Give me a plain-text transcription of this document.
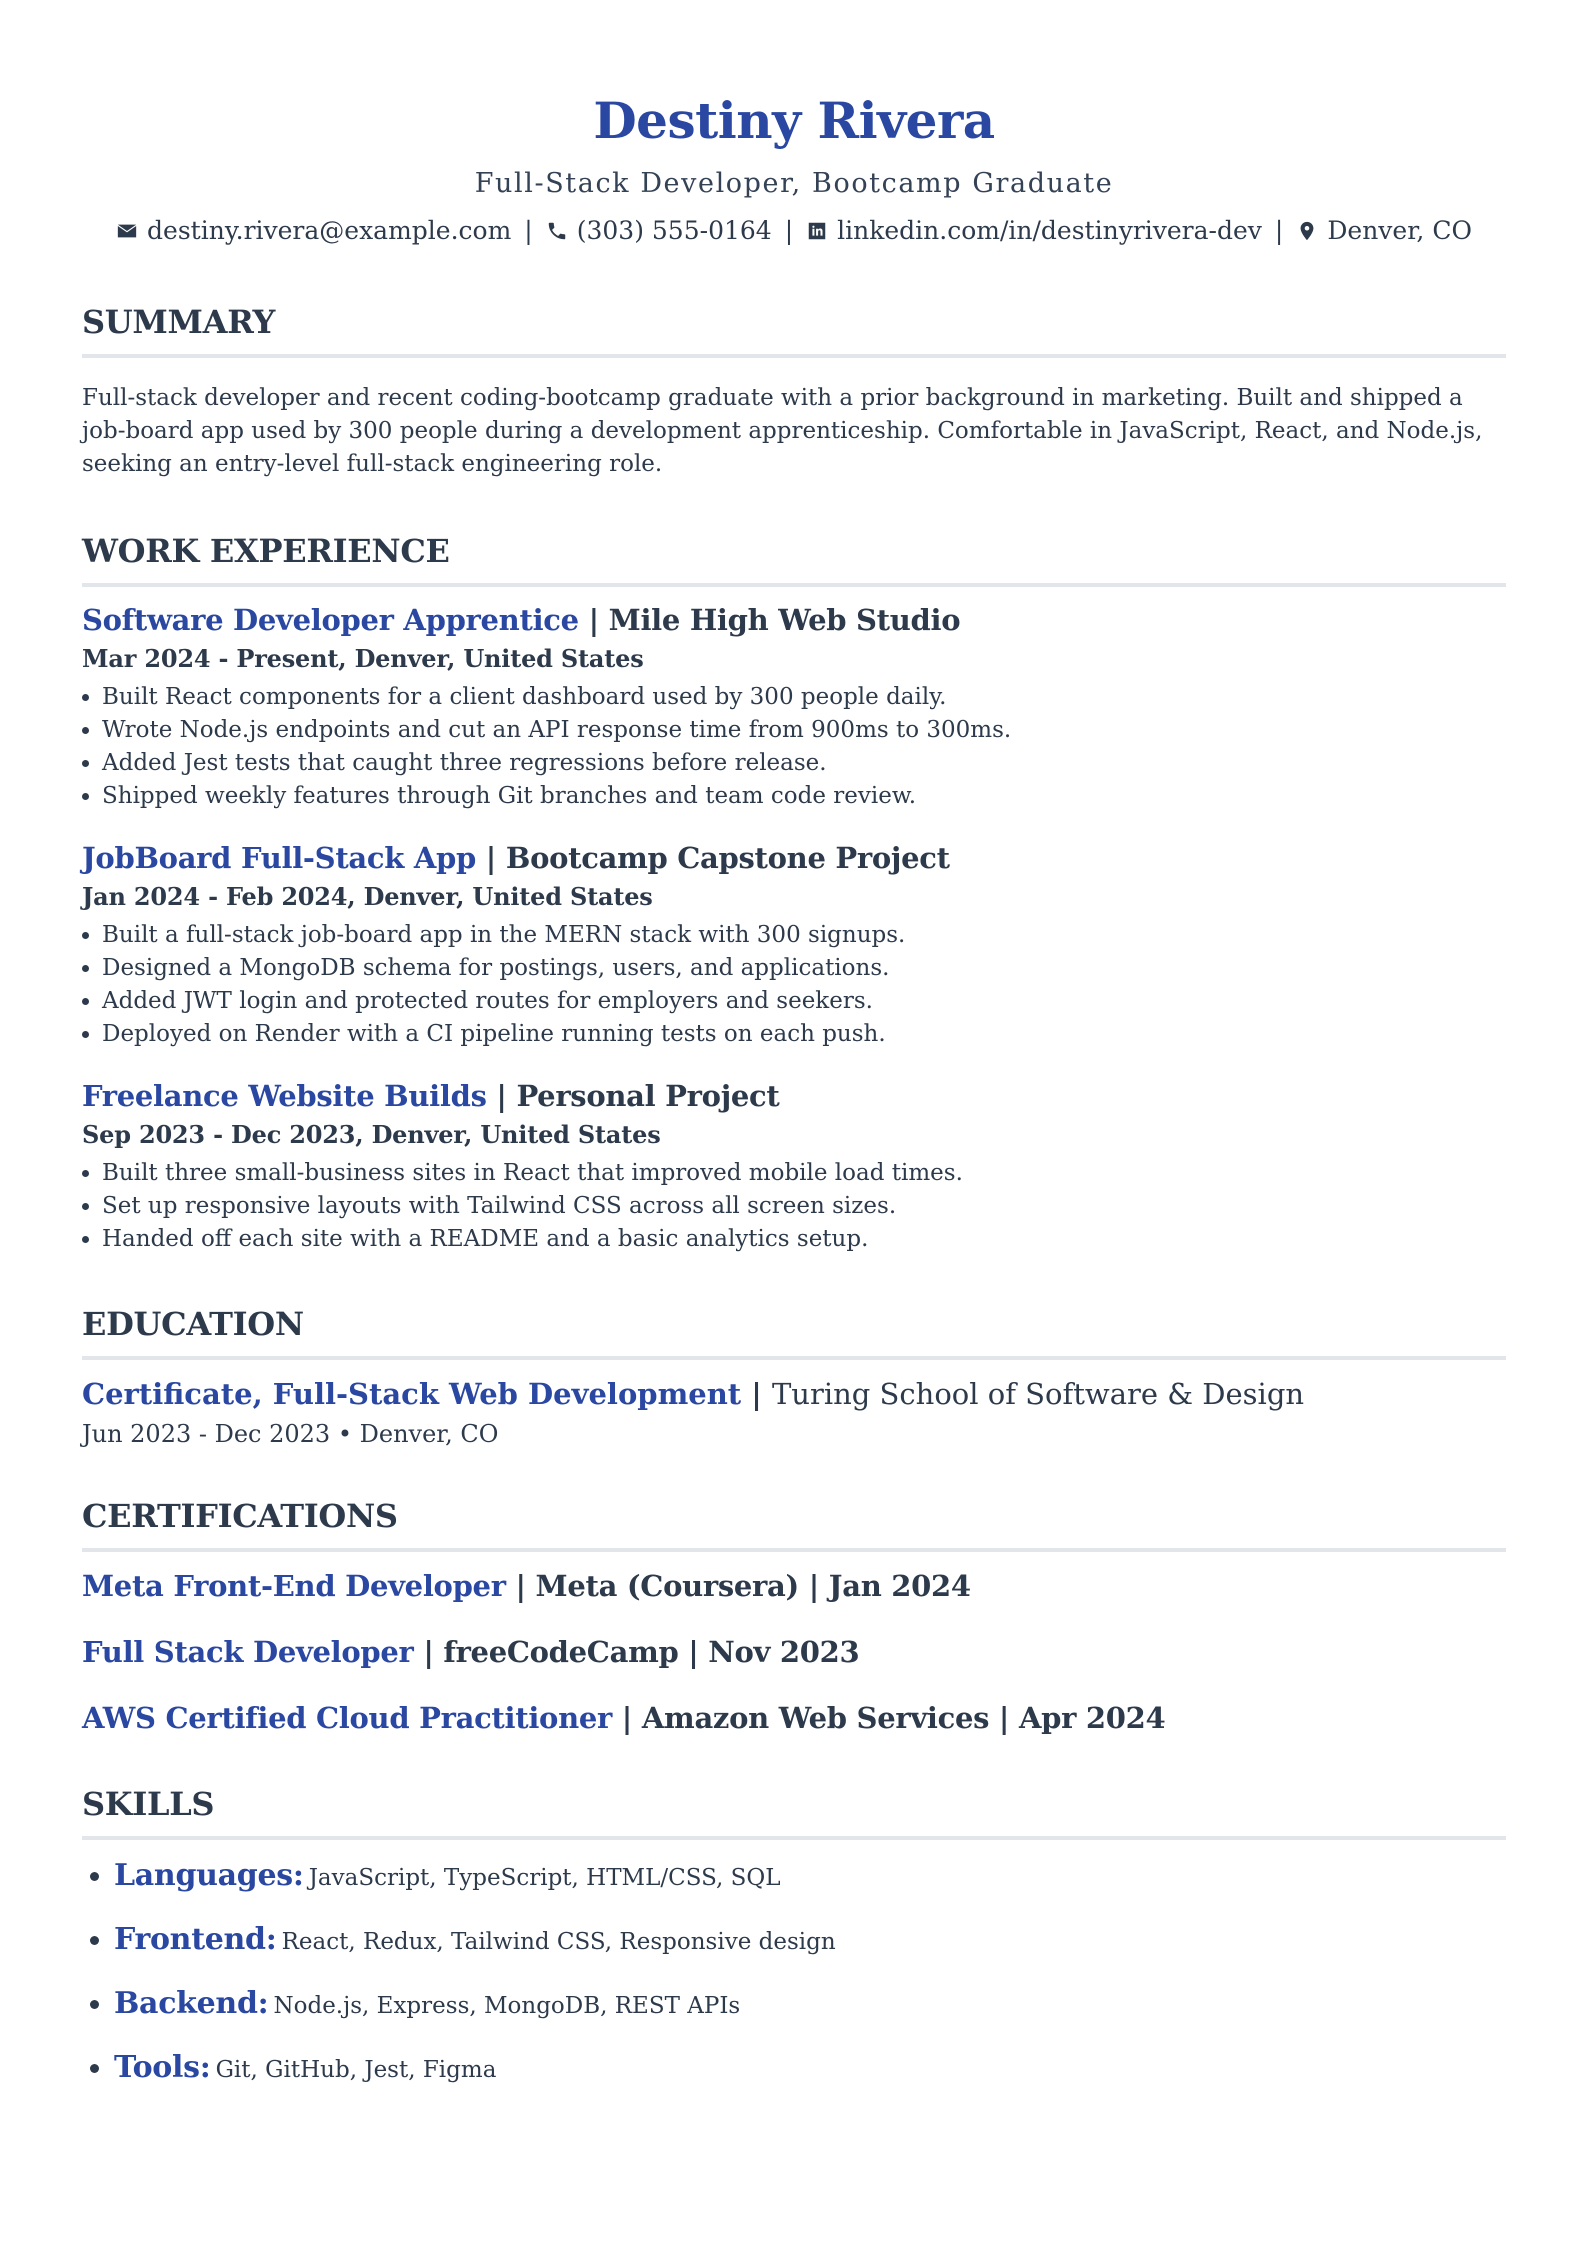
Destiny Rivera
Full-Stack Developer, Bootcamp Graduate
destiny.rivera@example.com | (303) 555-0164 | linkedin.com/in/destinyrivera-dev | Denver, CO
SUMMARY

Full-stack developer and recent coding-bootcamp graduate with a prior background in marketing. Built and shipped a job-board app used by 300 people during a development apprenticeship. Comfortable in JavaScript, React, and Node.js, seeking an entry-level full-stack engineering role.

WORK EXPERIENCE
Software Developer Apprentice | Mile High Web Studio
Mar 2024 - Present, Denver, United States
• Built React components for a client dashboard used by 300 people daily.
• Wrote Node.js endpoints and cut an API response time from 900ms to 300ms.
• Added Jest tests that caught three regressions before release.
• Shipped weekly features through Git branches and team code review.
JobBoard Full-Stack App | Bootcamp Capstone Project
Jan 2024 - Feb 2024, Denver, United States
• Built a full-stack job-board app in the MERN stack with 300 signups.
• Designed a MongoDB schema for postings, users, and applications.
• Added JWT login and protected routes for employers and seekers.
• Deployed on Render with a CI pipeline running tests on each push.
Freelance Website Builds | Personal Project
Sep 2023 - Dec 2023, Denver, United States
• Built three small-business sites in React that improved mobile load times.
• Set up responsive layouts with Tailwind CSS across all screen sizes.
• Handed off each site with a README and a basic analytics setup.
EDUCATION
Certificate, Full-Stack Web Development | Turing School of Software & Design
Jun 2023 - Dec 2023 • Denver, CO
CERTIFICATIONS
Meta Front-End Developer | Meta (Coursera) | Jan 2024
Full Stack Developer | freeCodeCamp | Nov 2023
AWS Certified Cloud Practitioner | Amazon Web Services | Apr 2024
SKILLS
• Languages: JavaScript, TypeScript, HTML/CSS, SQL
• Frontend: React, Redux, Tailwind CSS, Responsive design
• Backend: Node.js, Express, MongoDB, REST APIs
• Tools: Git, GitHub, Jest, Figma
